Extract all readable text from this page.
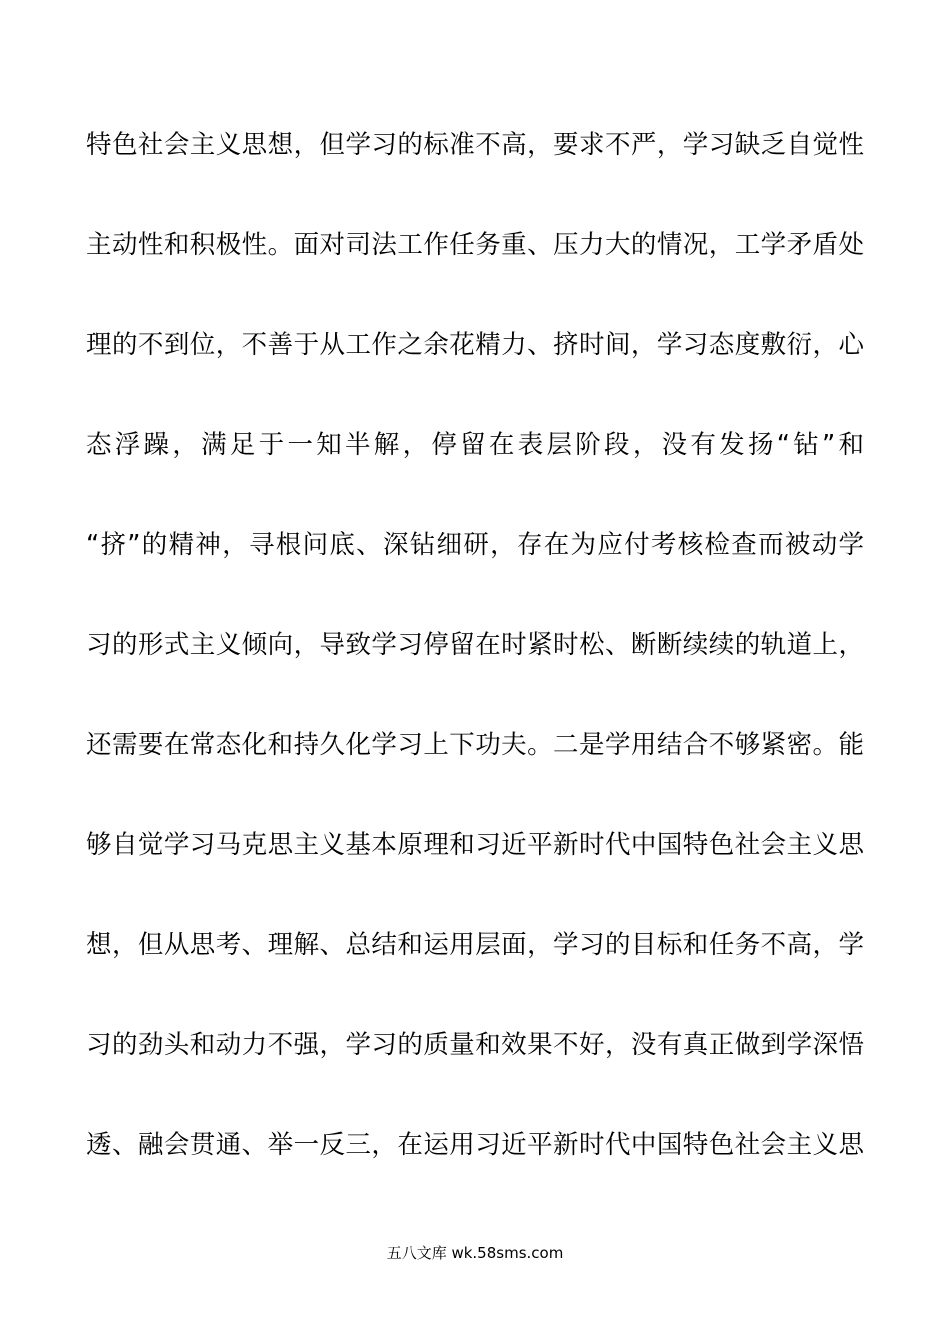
特色社会主义思想，但学习的标准不高，要求不严，学习缺乏自觉性
主动性和积极性。面对司法工作任务重、压力大的情况，工学矛盾处
理的不到位，不善于从工作之余花精力、挤时间，学习态度敷衍，心
态浮躁，满足于一知半解，停留在表层阶段，没有发扬“钻”和
“挤”的精神，寻根问底、深钻细研，存在为应付考核检查而被动学
习的形式主义倾向，导致学习停留在时紧时松、断断续续的轨道上，
还需要在常态化和持久化学习上下功夫。二是学用结合不够紧密。能
够自觉学习马克思主义基本原理和习近平新时代中国特色社会主义思
想，但从思考、理解、总结和运用层面，学习的目标和任务不高，学
习的劲头和动力不强，学习的质量和效果不好，没有真正做到学深悟
透、融会贯通、举一反三，在运用习近平新时代中国特色社会主义思
五八文库 wk.58sms.com
